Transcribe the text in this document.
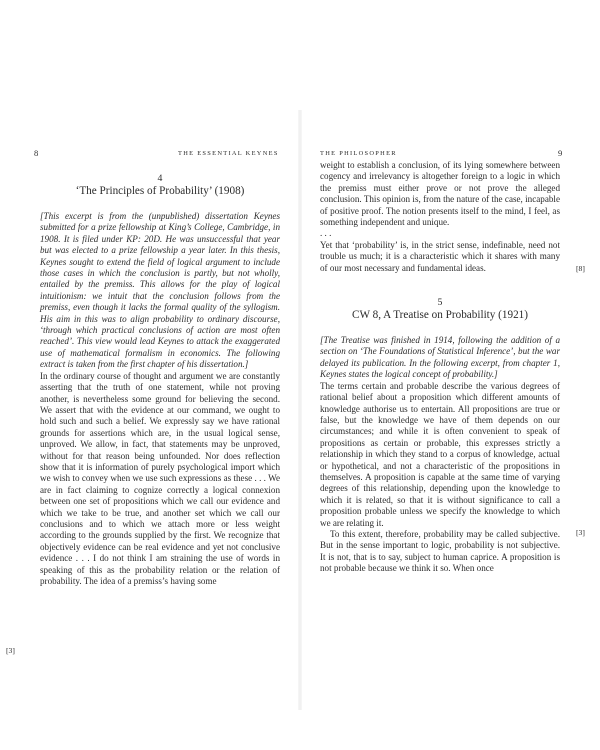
8	THE ESSENTIAL KEYNES
4
‘The Principles of Probability’ (1908)

[This excerpt is from the (unpublished) dissertation Keynes submitted for a prize fellowship at King’s College, Cambridge, in 1908. It is filed under KP: 20D. He was unsuccessful that year but was elected to a prize fellowship a year later. In this thesis, Keynes sought to extend the field of logical argument to include those cases in which the conclusion is partly, but not wholly, entailed by the premiss. This allows for the play of logical intuitionism: we intuit that the conclusion follows from the premiss, even though it lacks the formal quality of the syllogism. His aim in this was to align probability to ordinary discourse, ‘through which practical conclusions of action are most often reached’. This view would lead Keynes to attack the exaggerated use of mathematical formalism in economics. The following extract is taken from the first chapter of his dissertation.]

In the ordinary course of thought and argument we are constantly asserting that the truth of one statement, while not proving another, is nevertheless some ground for believing the second. We assert that with the evidence at our command, we ought to hold such and such a belief. We expressly say we have rational grounds for assertions which are, in the usual logical sense, unproved. We allow, in fact, that statements may be unproved, without for that reason being unfounded. Nor does reflection show that it is information of purely psychological import which we wish to convey when we use such expressions as these . . . We are in fact claiming to cognize correctly a logical connexion between one set of propositions which we call our evidence and which we take to be true, and another set which we call our conclusions and to which we attach more or less weight according to the grounds supplied by the first. We recognize that objectively evidence can be real evidence and yet not conclusive evidence . . . I do not think I am straining the use of words in speaking of this as the probability relation or the relation of probability. The idea of a premiss’s having some

[3]
THE PHILOSOPHER	9

weight to establish a conclusion, of its lying somewhere between cogency and irrelevancy is altogether foreign to a logic in which the premiss must either prove or not prove the alleged conclusion. This opinion is, from the nature of the case, incapable of positive proof. The notion presents itself to the mind, I feel, as something independent and unique.

. . .

Yet that ‘probability’ is, in the strict sense, indefinable, need not trouble us much; it is a characteristic which it shares with many of our most necessary and fundamental ideas.

5
CW 8, A Treatise on Probability (1921)

[The Treatise was finished in 1914, following the addition of a section on ‘The Foundations of Statistical Inference’, but the war delayed its publication. In the following excerpt, from chapter 1, Keynes states the logical concept of probability.]

The terms certain and probable describe the various degrees of rational belief about a proposition which different amounts of knowledge authorise us to entertain. All propositions are true or false, but the knowledge we have of them depends on our circumstances; and while it is often convenient to speak of propositions as certain or probable, this expresses strictly a relationship in which they stand to a corpus of knowledge, actual or hypothetical, and not a characteristic of the propositions in themselves. A proposition is capable at the same time of varying degrees of this relationship, depending upon the knowledge to which it is related, so that it is without significance to call a proposition probable unless we specify the knowledge to which we are relating it.

To this extent, therefore, probability may be called subjective. But in the sense important to logic, probability is not subjective. It is not, that is to say, subject to human caprice. A proposition is not probable because we think it so. When once

[8]
[3]
